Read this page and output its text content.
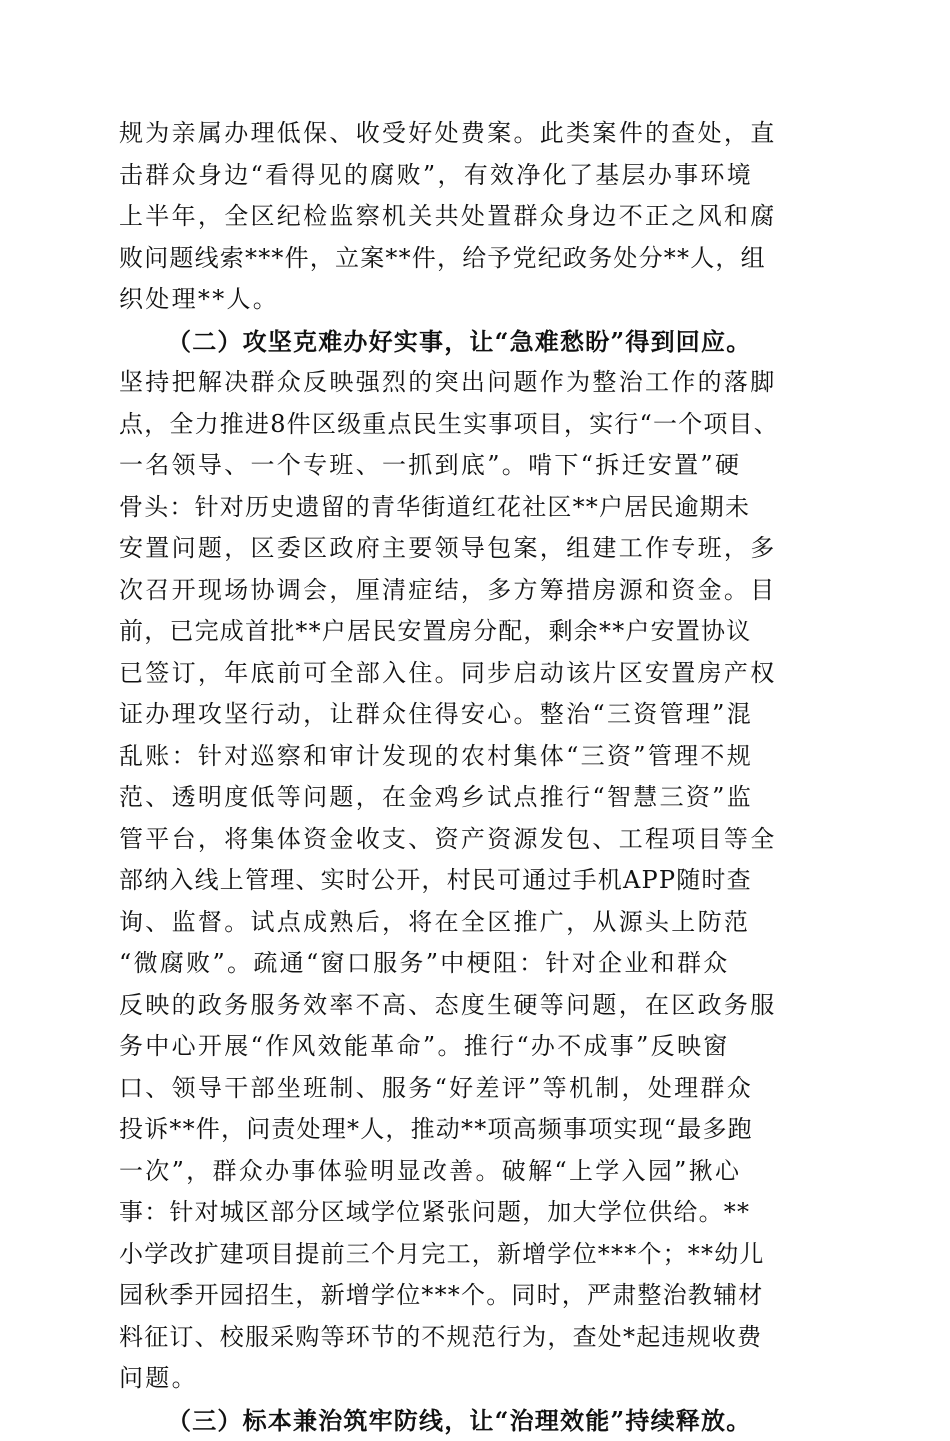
规为亲属办理低保、收受好处费案。此类案件的查处，直
击群众身边“看得见的腐败”，有效净化了基层办事环境
上半年，全区纪检监察机关共处置群众身边不正之风和腐
败问题线索***件，立案**件，给予党纪政务处分**人，组
织处理**人。
（二）攻坚克难办好实事，让“急难愁盼”得到回应。
坚持把解决群众反映强烈的突出问题作为整治工作的落脚
点，全力推进8件区级重点民生实事项目，实行“一个项目、
一名领导、一个专班、一抓到底”。啃下“拆迁安置”硬
骨头：针对历史遗留的青华街道红花社区**户居民逾期未
安置问题，区委区政府主要领导包案，组建工作专班，多
次召开现场协调会，厘清症结，多方筹措房源和资金。目
前，已完成首批**户居民安置房分配，剩余**户安置协议
已签订，年底前可全部入住。同步启动该片区安置房产权
证办理攻坚行动，让群众住得安心。整治“三资管理”混
乱账：针对巡察和审计发现的农村集体“三资”管理不规
范、透明度低等问题，在金鸡乡试点推行“智慧三资”监
管平台，将集体资金收支、资产资源发包、工程项目等全
部纳入线上管理、实时公开，村民可通过手机APP随时查
询、监督。试点成熟后，将在全区推广，从源头上防范
“微腐败”。疏通“窗口服务”中梗阻：针对企业和群众
反映的政务服务效率不高、态度生硬等问题，在区政务服
务中心开展“作风效能革命”。推行“办不成事”反映窗
口、领导干部坐班制、服务“好差评”等机制，处理群众
投诉**件，问责处理*人，推动**项高频事项实现“最多跑
一次”，群众办事体验明显改善。破解“上学入园”揪心
事：针对城区部分区域学位紧张问题，加大学位供给。**
小学改扩建项目提前三个月完工，新增学位***个；**幼儿
园秋季开园招生，新增学位***个。同时，严肃整治教辅材
料征订、校服采购等环节的不规范行为，查处*起违规收费
问题。
（三）标本兼治筑牢防线，让“治理效能”持续释放。
